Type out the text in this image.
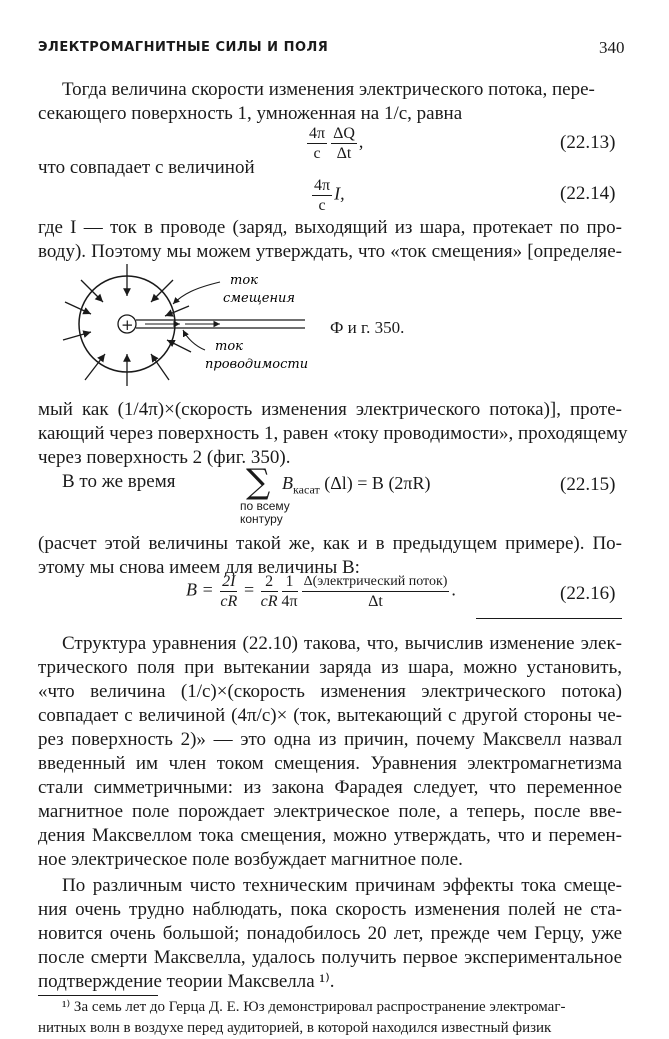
ЭЛЕКТРОМАГНИТНЫЕ СИЛЫ И ПОЛЯ	340
Тогда величина скорости изменения электрического потока, пере-
секающего поверхность 1, умноженная на 1/c, равна
$\frac{4\pi}{c} \frac{\Delta Q}{\Delta t}$ ,	(22.13)
что совпадает с величиной
$\frac{4\pi}{c} I$,	(22.14)
где I — ток в проводе (заряд, выходящий из шара, протекает по про-
воду). Поэтому мы можем утверждать, что «ток смещения» [определяе-
+
ток
смещения
ток
проводимости
Ф и г. 350.
мый как (1/4π)×(скорость изменения электрического потока)], проте-
кающий через поверхность 1, равен «току проводимости», проходящему
через поверхность 2 (фиг. 350).
В то же время ∑
по всему
контуру
$B_{касат}$ (Δl) = B (2πR)	(22.15)
(расчет этой величины такой же, как и в предыдущем примере). По-
этому мы снова имеем для величины B:
$B = \frac{2I}{cR} = \frac{2}{cR} \frac{1}{4\pi} \frac{\text{Δ(электрический поток)}}{\Delta t}$ .	(22.16)
Структура уравнения (22.10) такова, что, вычислив изменение элек-
трического поля при вытекании заряда из шара, можно установить,
«что величина (1/c)×(скорость изменения электрического потока)
совпадает с величиной (4π/c)× (ток, вытекающий с другой стороны че-
рез поверхность 2)» — это одна из причин, почему Максвелл назвал
введенный им член током смещения. Уравнения электромагнетизма
стали симметричными: из закона Фарадея следует, что переменное
магнитное поле порождает электрическое поле, а теперь, после вве-
дения Максвеллом тока смещения, можно утверждать, что и перемен-
ное электрическое поле возбуждает магнитное поле.
По различным чисто техническим причинам эффекты тока смеще-
ния очень трудно наблюдать, пока скорость изменения полей не ста-
новится очень большой; понадобилось 20 лет, прежде чем Герцу, уже
после смерти Максвелла, удалось получить первое экспериментальное
подтверждение теории Максвелла ¹⁾.
¹⁾ За семь лет до Герца Д. Е. Юз демонстрировал распространение электромаг-
нитных волн в воздухе перед аудиторией, в которой находился известный физик
